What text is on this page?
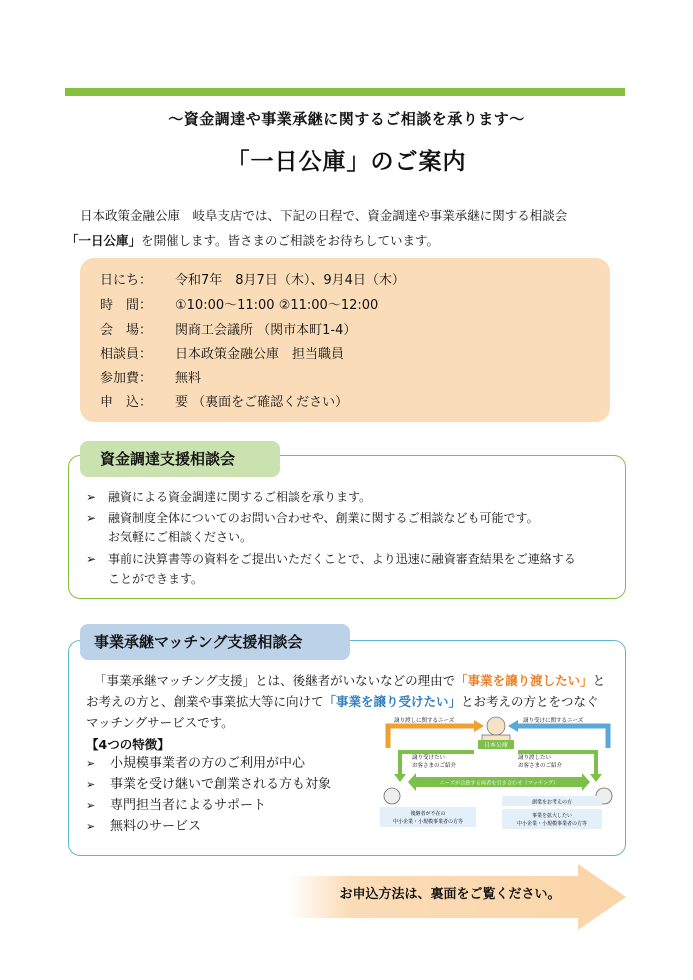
～資金調達や事業承継に関するご相談を承ります～
「一日公庫」のご案内
日本政策金融公庫　岐阜支店では、下記の日程で、資金調達や事業承継に関する相談会
「一日公庫」を開催します。皆さまのご相談をお待ちしています。
日にち： 令和7年　8月7日（木）、9月4日（木）
時　間： ①10:00～11:00 ②11:00～12:00
会　場： 関商工会議所 （関市本町1-4）
相談員： 日本政策金融公庫　担当職員
参加費： 無料
申　込： 要 （裏面をご確認ください）
資金調達支援相談会
➢ 融資による資金調達に関するご相談を承ります。
➢ 融資制度全体についてのお問い合わせや、創業に関するご相談なども可能です。
お気軽にご相談ください。
➢ 事前に決算書等の資料をご提出いただくことで、より迅速に融資審査結果をご連絡する
ことができます。
事業承継マッチング支援相談会
「事業承継マッチング支援」とは、後継者がいないなどの理由で「事業を譲り渡したい」と
お考えの方と、創業や事業拡大等に向けて「事業を譲り受けたい」とお考えの方とをつなぐ
マッチングサービスです。
【4つの特徴】
➢ 小規模事業者の方のご利用が中心
➢ 事業を受け継いで創業される方も対象
➢ 専門担当者によるサポート
➢ 無料のサービス
譲り渡しに関するニーズ	譲り受けに関するニーズ
日本公庫
譲り受けたい
お客さまのご紹介
譲り渡したい
お客さまのご紹介
ニーズが合致する両者を引き合わせ（マッチング）
後継者が不在の
中小企業・小規模事業者の方等
創業をお考えの方
事業を拡大したい
中小企業・小規模事業者の方等
お申込方法は、裏面をご覧ください。
